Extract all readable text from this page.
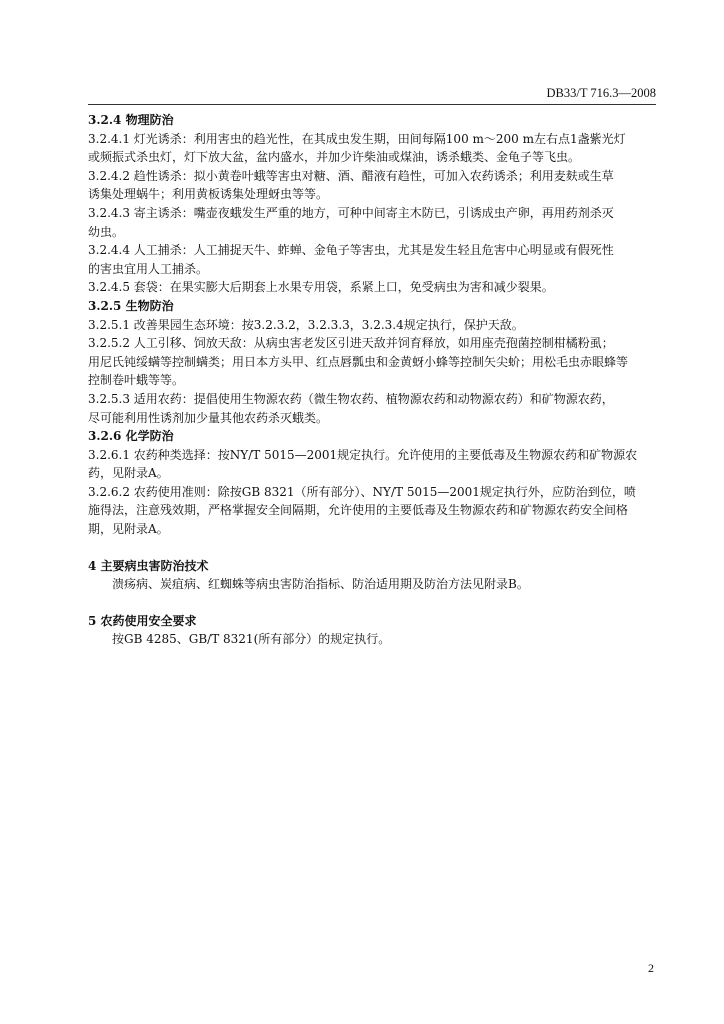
DB33/T 716.3—2008
3.2.4 物理防治
3.2.4.1 灯光诱杀：利用害虫的趋光性，在其成虫发生期，田间每隔100 m～200 m左右点1盏紫光灯
或频振式杀虫灯，灯下放大盆，盆内盛水，并加少许柴油或煤油，诱杀蛾类、金龟子等飞虫。
3.2.4.2 趋性诱杀：拟小黄卷叶蛾等害虫对糖、酒、醋液有趋性，可加入农药诱杀；利用麦麸或生草
诱集处理蜗牛；利用黄板诱集处理蚜虫等等。
3.2.4.3 寄主诱杀：嘴壶夜蛾发生严重的地方，可种中间寄主木防已，引诱成虫产卵，再用药剂杀灭
幼虫。
3.2.4.4 人工捕杀：人工捕捉天牛、蚱蝉、金龟子等害虫，尤其是发生轻且危害中心明显或有假死性
的害虫宜用人工捕杀。
3.2.4.5 套袋：在果实膨大后期套上水果专用袋，系紧上口，免受病虫为害和减少裂果。
3.2.5 生物防治
3.2.5.1 改善果园生态环境：按3.2.3.2，3.2.3.3，3.2.3.4规定执行，保护天敌。
3.2.5.2 人工引移、饲放天敌：从病虫害老发区引进天敌并饲育释放，如用座壳孢菌控制柑橘粉虱；
用尼氏钝绥螨等控制螨类；用日本方头甲、红点唇瓢虫和金黄蚜小蜂等控制矢尖蚧；用松毛虫赤眼蜂等
控制卷叶蛾等等。
3.2.5.3 适用农药：提倡使用生物源农药（微生物农药、植物源农药和动物源农药）和矿物源农药，
尽可能利用性诱剂加少量其他农药杀灭蛾类。
3.2.6 化学防治
3.2.6.1 农药种类选择：按NY/T 5015—2001规定执行。允许使用的主要低毒及生物源农药和矿物源农
药，见附录A。
3.2.6.2 农药使用准则：除按GB 8321（所有部分）、NY/T 5015—2001规定执行外，应防治到位，喷
施得法，注意残效期，严格掌握安全间隔期，允许使用的主要低毒及生物源农药和矿物源农药安全间格
期，见附录A。
4 主要病虫害防治技术
溃疡病、炭疽病、红蜘蛛等病虫害防治指标、防治适用期及防治方法见附录B。
5 农药使用安全要求
按GB 4285、GB/T 8321(所有部分）的规定执行。
2
